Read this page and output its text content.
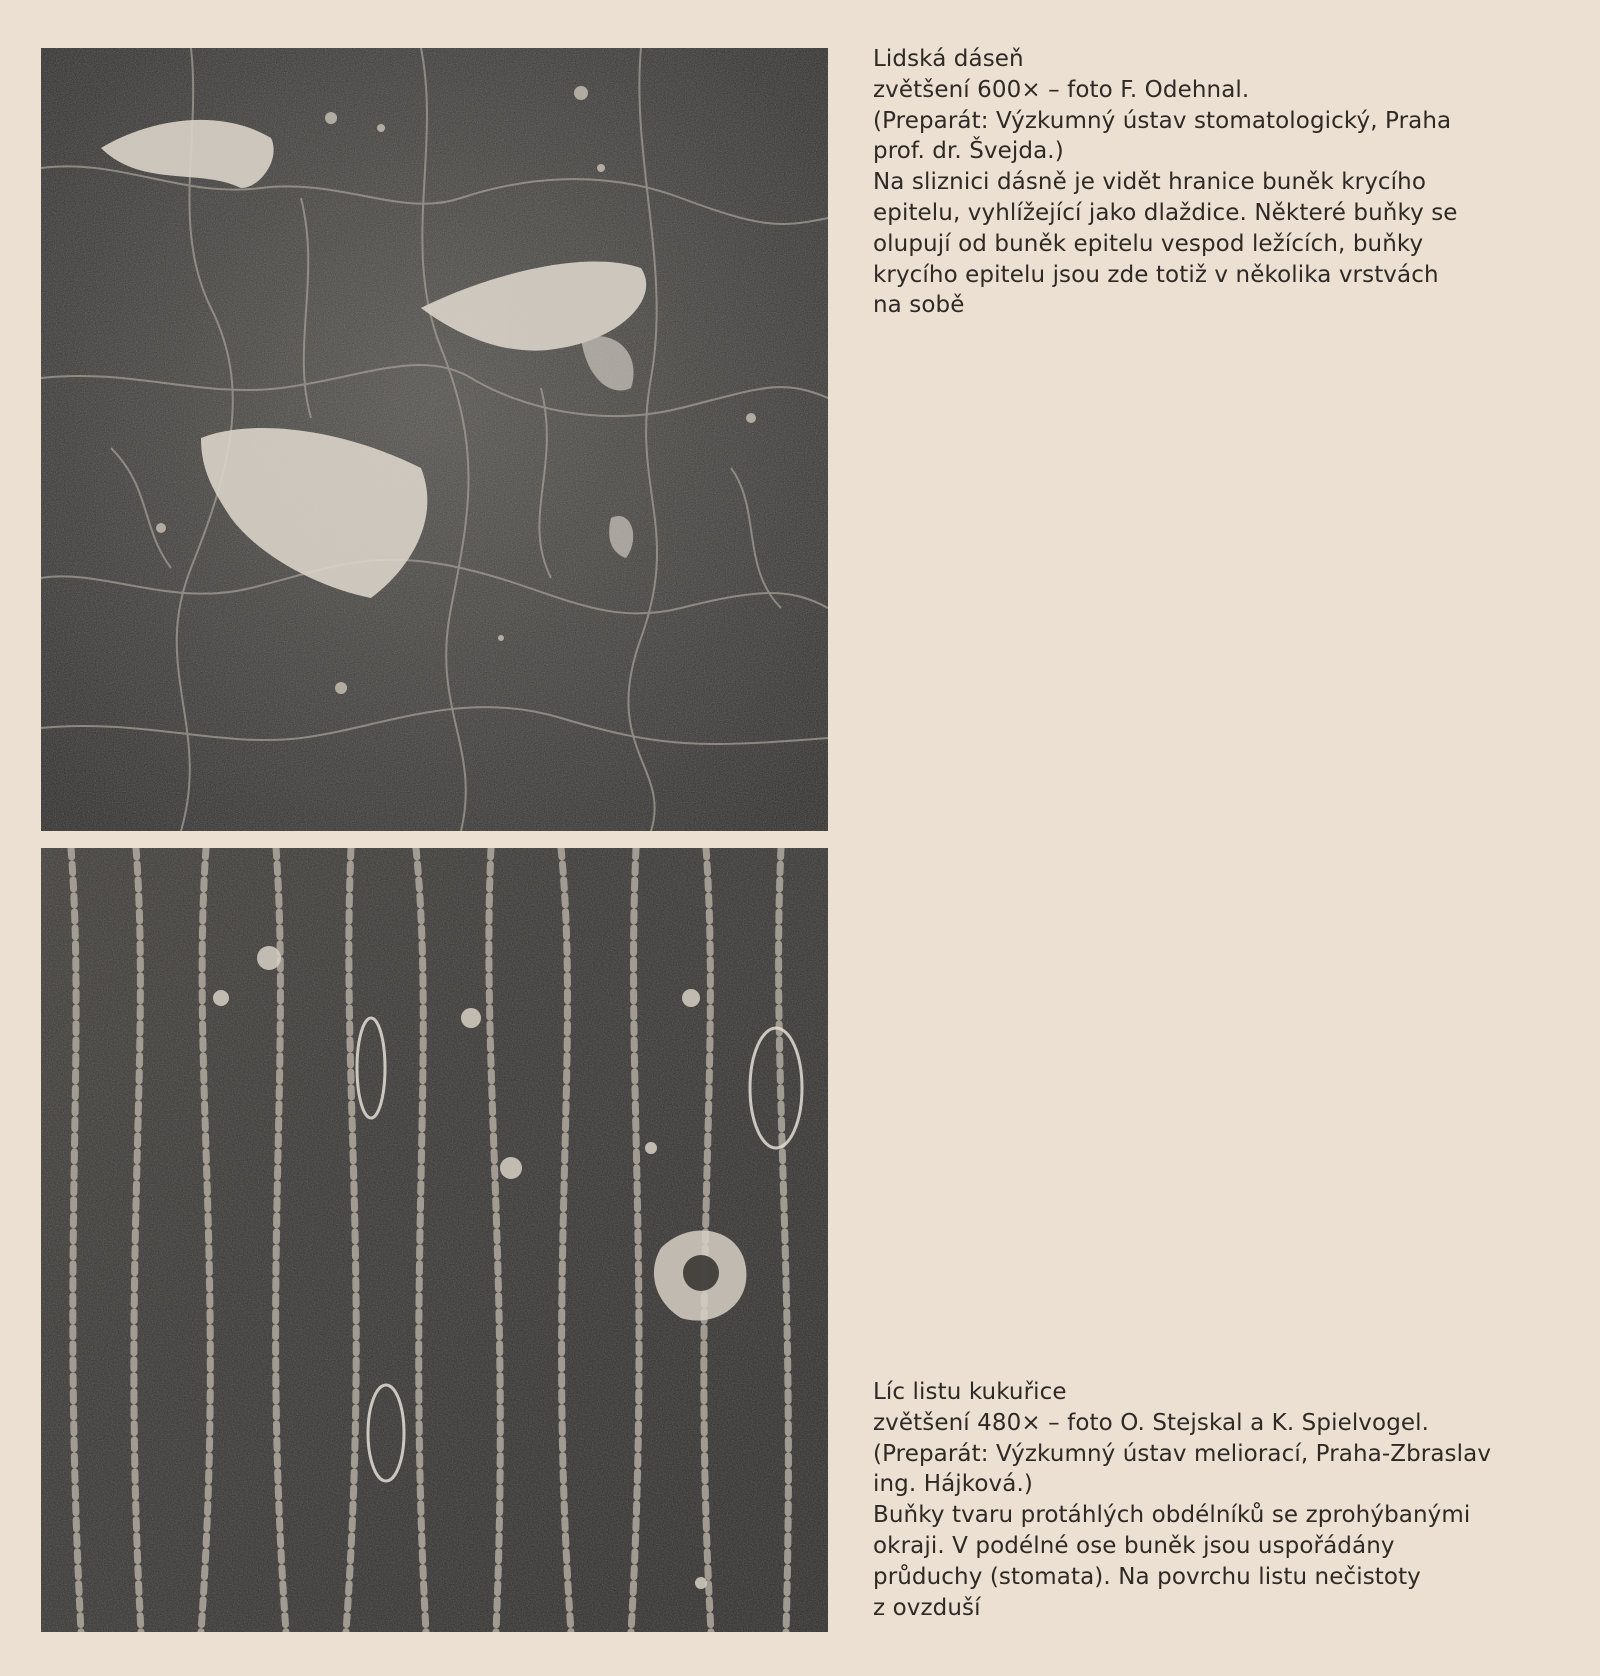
Lidská dáseň
zvětšení 600× – foto F. Odehnal.
(Preparát: Výzkumný ústav stomatologický, Praha
prof. dr. Švejda.)
Na sliznici dásně je vidět hranice buněk krycího
epitelu, vyhlížející jako dlaždice. Některé buňky se
olupují od buněk epitelu vespod ležících, buňky
krycího epitelu jsou zde totiž v několika vrstvách
na sobě
Líc listu kukuřice
zvětšení 480× – foto O. Stejskal a K. Spielvogel.
(Preparát: Výzkumný ústav meliorací, Praha-Zbraslav
ing. Hájková.)
Buňky tvaru protáhlých obdélníků se zprohýbanými
okraji. V podélné ose buněk jsou uspořádány
průduchy (stomata). Na povrchu listu nečistoty
z ovzduší
